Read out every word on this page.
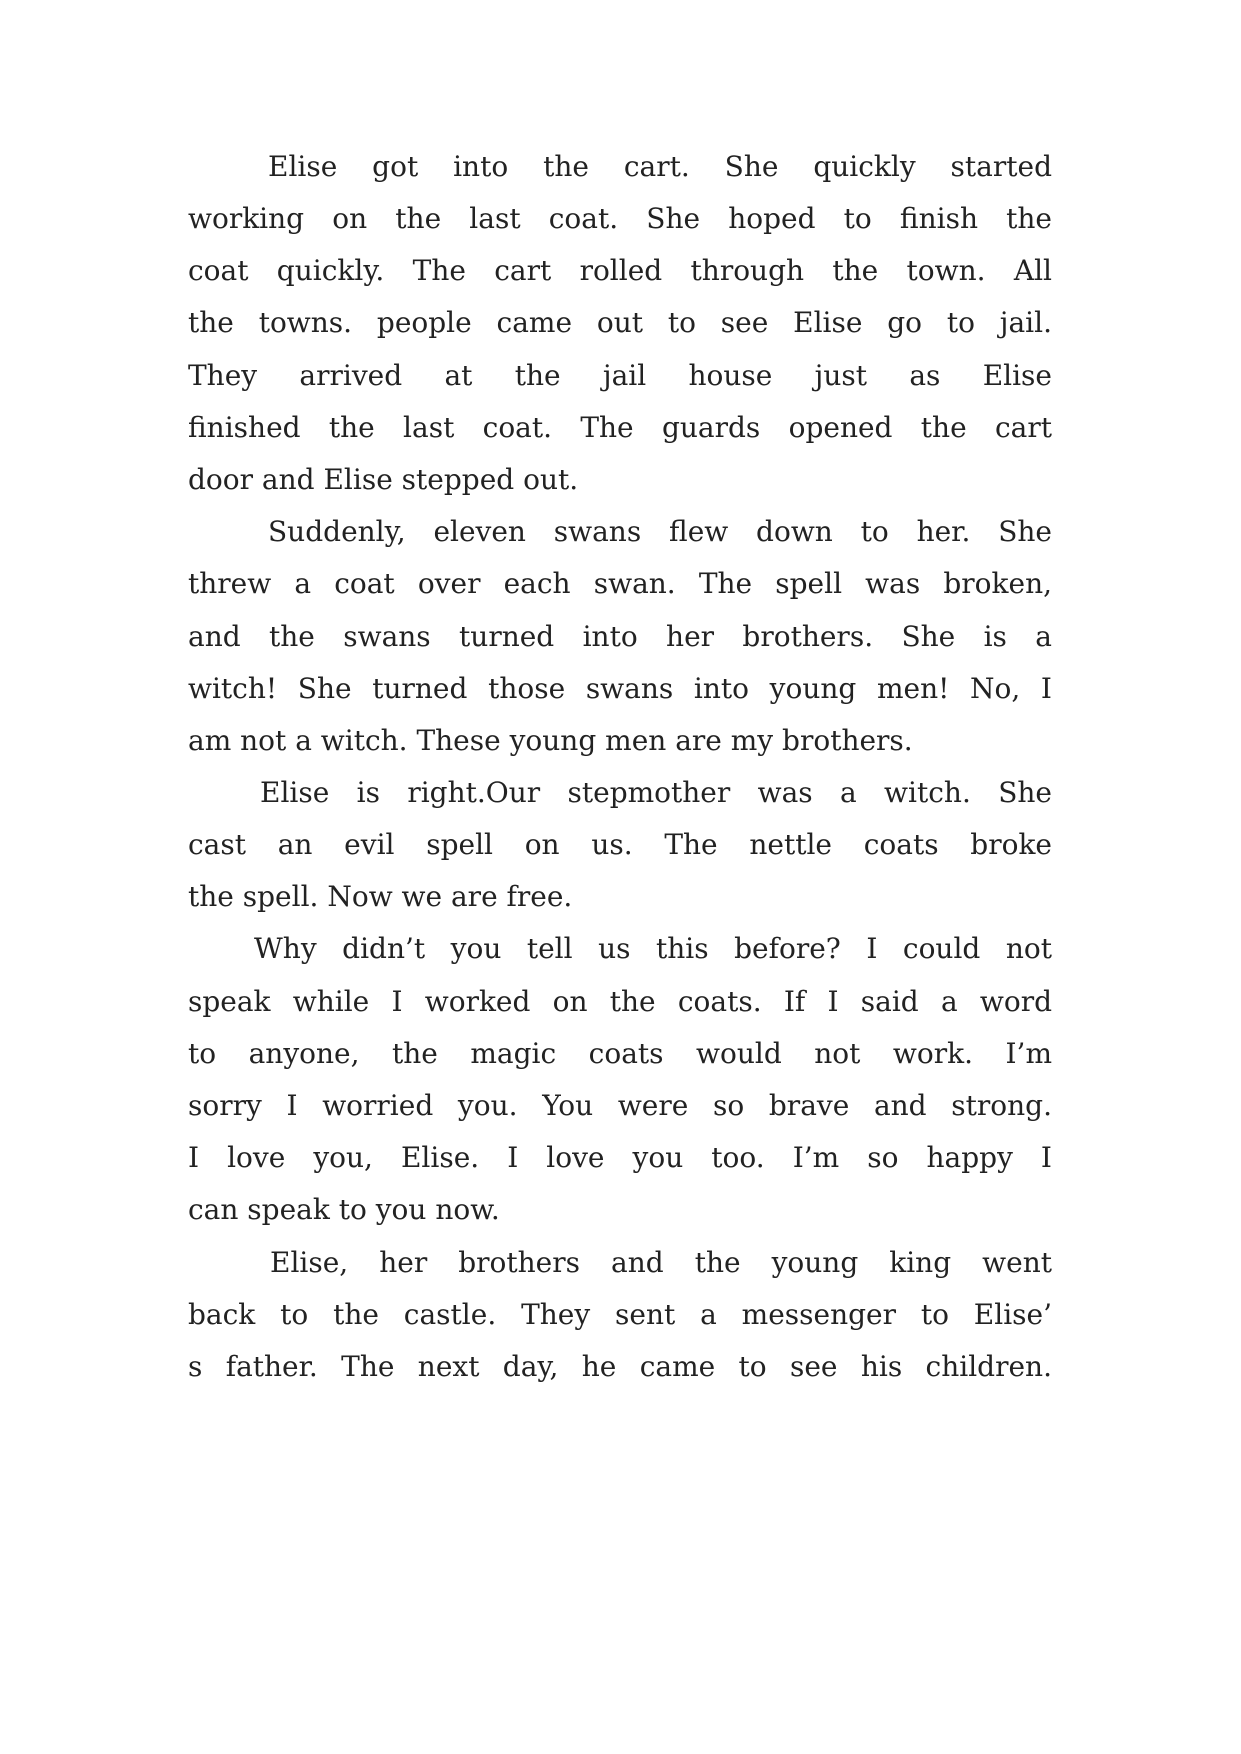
Elise got into the cart. She quickly started
working on the last coat. She hoped to finish the
coat quickly. The cart rolled through the town. All
the towns. people came out to see Elise go to jail.
They arrived at the jail house just as Elise
finished the last coat. The guards opened the cart
door and Elise stepped out.
Suddenly, eleven swans flew down to her. She
threw a coat over each swan. The spell was broken,
and the swans turned into her brothers. She is a
witch! She turned those swans into young men! No, I
am not a witch. These young men are my brothers.
Elise is right.Our stepmother was a witch. She
cast an evil spell on us. The nettle coats broke
the spell. Now we are free.
Why didn’t you tell us this before? I could not
speak while I worked on the coats. If I said a word
to anyone, the magic coats would not work. I’m
sorry I worried you. You were so brave and strong.
I love you, Elise. I love you too. I’m so happy I
can speak to you now.
Elise, her brothers and the young king went
back to the castle. They sent a messenger to Elise’
s father. The next day, he came to see his children.
